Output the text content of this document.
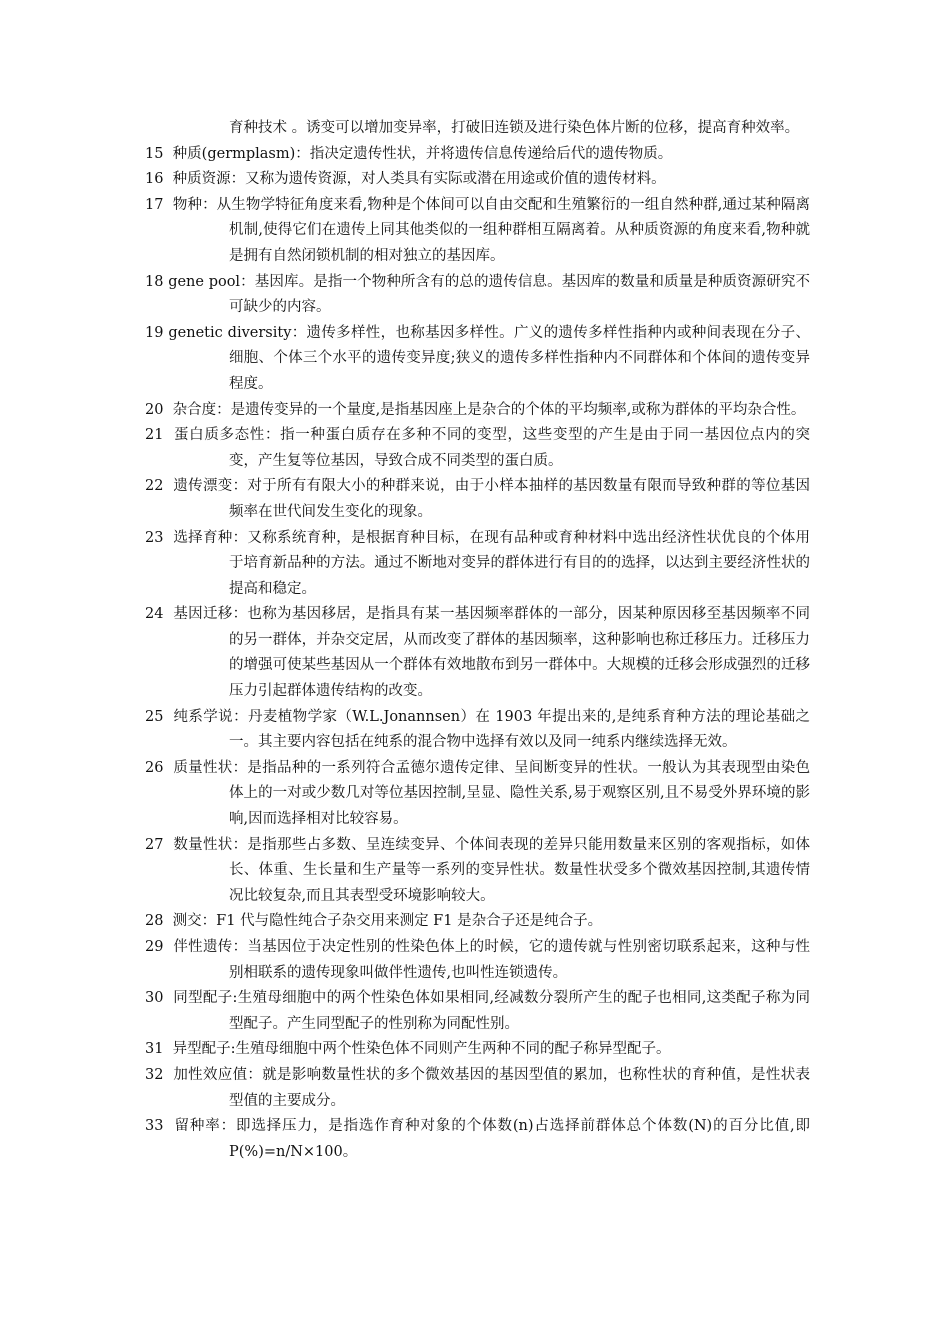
育种技术 。诱变可以增加变异率，打破旧连锁及进行染色体片断的位移，提高育种效率。

15 种质(germplasm)：指决定遗传性状，并将遗传信息传递给后代的遗传物质。

16 种质资源：又称为遗传资源，对人类具有实际或潜在用途或价值的遗传材料。

17 物种：从生物学特征角度来看,物种是个体间可以自由交配和生殖繁衍的一组自然种群,通过某种隔离机制,使得它们在遗传上同其他类似的一组种群相互隔离着。从种质资源的角度来看,物种就是拥有自然闭锁机制的相对独立的基因库。

18 gene pool：基因库。是指一个物种所含有的总的遗传信息。基因库的数量和质量是种质资源研究不可缺少的内容。

19 genetic diversity：遗传多样性，也称基因多样性。广义的遗传多样性指种内或种间表现在分子、细胞、个体三个水平的遗传变异度;狭义的遗传多样性指种内不同群体和个体间的遗传变异程度。

20 杂合度：是遗传变异的一个量度,是指基因座上是杂合的个体的平均频率,或称为群体的平均杂合性。

21 蛋白质多态性：指一种蛋白质存在多种不同的变型，这些变型的产生是由于同一基因位点内的突变，产生复等位基因，导致合成不同类型的蛋白质。

22 遗传漂变：对于所有有限大小的种群来说，由于小样本抽样的基因数量有限而导致种群的等位基因频率在世代间发生变化的现象。

23 选择育种：又称系统育种，是根据育种目标，在现有品种或育种材料中选出经济性状优良的个体用于培育新品种的方法。通过不断地对变异的群体进行有目的的选择，以达到主要经济性状的提高和稳定。

24 基因迁移：也称为基因移居，是指具有某一基因频率群体的一部分，因某种原因移至基因频率不同的另一群体，并杂交定居，从而改变了群体的基因频率，这种影响也称迁移压力。迁移压力的增强可使某些基因从一个群体有效地散布到另一群体中。大规模的迁移会形成强烈的迁移压力引起群体遗传结构的改变。

25 纯系学说：丹麦植物学家（W.L.Jonannsen）在 1903 年提出来的,是纯系育种方法的理论基础之一。其主要内容包括在纯系的混合物中选择有效以及同一纯系内继续选择无效。

26 质量性状：是指品种的一系列符合孟德尔遗传定律、呈间断变异的性状。一般认为其表现型由染色体上的一对或少数几对等位基因控制,呈显、隐性关系,易于观察区别,且不易受外界环境的影响,因而选择相对比较容易。

27 数量性状：是指那些占多数、呈连续变异、个体间表现的差异只能用数量来区别的客观指标，如体长、体重、生长量和生产量等一系列的变异性状。数量性状受多个微效基因控制,其遗传情况比较复杂,而且其表型受环境影响较大。

28 测交：F1 代与隐性纯合子杂交用来测定 F1 是杂合子还是纯合子。

29 伴性遗传：当基因位于决定性别的性染色体上的时候，它的遗传就与性别密切联系起来，这种与性别相联系的遗传现象叫做伴性遗传,也叫性连锁遗传。

30 同型配子:生殖母细胞中的两个性染色体如果相同,经减数分裂所产生的配子也相同,这类配子称为同型配子。产生同型配子的性别称为同配性别。

31 异型配子:生殖母细胞中两个性染色体不同则产生两种不同的配子称异型配子。

32 加性效应值：就是影响数量性状的多个微效基因的基因型值的累加，也称性状的育种值，是性状表型值的主要成分。

33 留种率：即选择压力，是指选作育种对象的个体数(n)占选择前群体总个体数(N)的百分比值,即 P(%)=n/N×100。
